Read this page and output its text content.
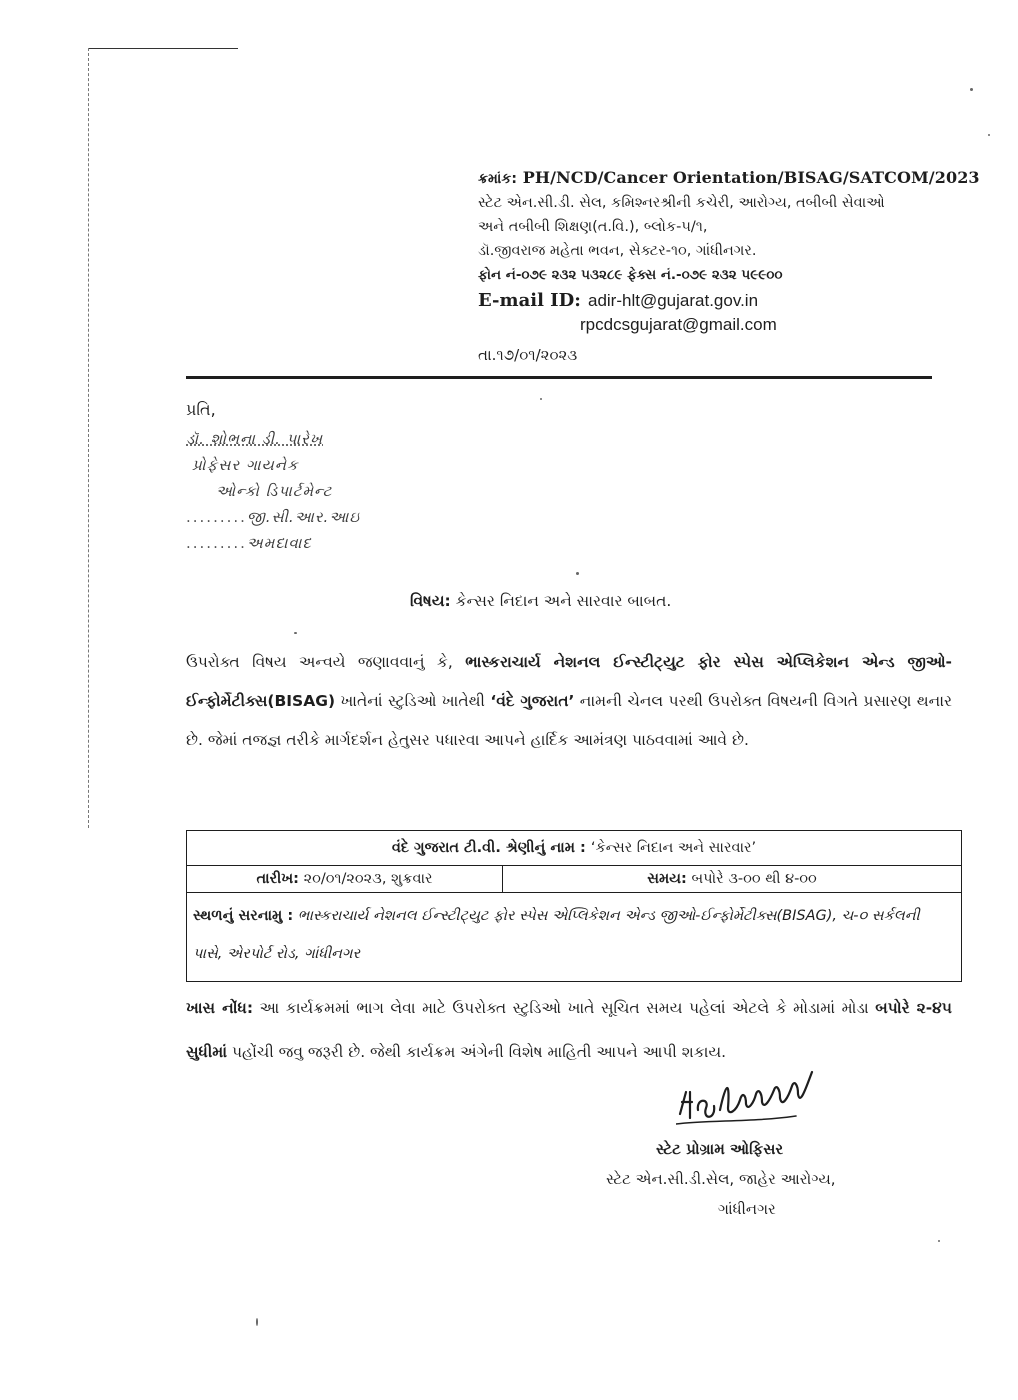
ક્રમાંક: PH/NCD/Cancer Orientation/BISAG/SATCOM/2023
સ્ટેટ એન.સી.ડી. સેલ, કમિશ્નરશ્રીની કચેરી, આરોગ્ય, તબીબી સેવાઓ
અને તબીબી શિક્ષણ(ત.વિ.), બ્લોક-૫/૧,
ડૉ.જીવરાજ મહેતા ભવન, સેક્ટર-૧૦, ગાંધીનગર.
ફોન નં-૦૭૯ ૨૩૨ ૫૩૨૮૯ ફેક્સ નં.-૦૭૯ ૨૩૨ ૫૯૯૦૦
E-mail ID: adir-hlt@gujarat.gov.in
rpcdcsgujarat@gmail.com
તા.૧૭/૦૧/૨૦૨૩
પ્રતિ,
ડૉ. શોભના ડી. પારેખ
પ્રોફેસર ગાયનેક
ઓન્કો ડિપાર્ટમેન્ટ
.........જી.સી.આર.આઇ
.........અમદાવાદ
વિષય: કેન્સર નિદાન અને સારવાર બાબત.
ઉપરોક્ત વિષય અન્વયે જણાવવાનું કે, ભાસ્કરાચાર્ય નેશનલ ઈન્સ્ટીટ્યુટ ફોર સ્પેસ એપ્લિકેશન એન્ડ જીઓ-ઈન્ફોર્મેટીક્સ(BISAG) ખાતેનાં સ્ટુડિઓ ખાતેથી ‘વંદે ગુજરાત’ નામની ચેનલ પરથી ઉપરોક્ત વિષયની વિગતે પ્રસારણ થનાર છે. જેમાં તજજ્ઞ તરીકે માર્ગદર્શન હેતુસર પધારવા આપને હાર્દિક આમંત્રણ પાઠવવામાં આવે છે.
વંદે ગુજરાત ટી.વી. શ્રેણીનું નામ : ‘કેન્સર નિદાન અને સારવાર’
તારીખ: ૨૦/૦૧/૨૦૨૩, શુક્રવાર	સમય: બપોરે ૩-૦૦ થી ૪-૦૦
સ્થળનું સરનામુ : ભાસ્કરાચાર્ય નેશનલ ઈન્સ્ટીટ્યુટ ફોર સ્પેસ એપ્લિકેશન એન્ડ જીઓ-ઈન્ફોર્મેટીક્સ(BISAG), ચ-૦ સર્કલની પાસે, એરપોર્ટ રોડ, ગાંધીનગર
ખાસ નોંધ: આ કાર્યક્રમમાં ભાગ લેવા માટે ઉપરોક્ત સ્ટુડિઓ ખાતે સૂચિત સમય પહેલાં એટલે કે મોડામાં મોડા બપોરે ૨-૪૫ સુધીમાં પહોંચી જવુ જરૂરી છે. જેથી કાર્યક્રમ અંગેની વિશેષ માહિતી આપને આપી શકાય.
સ્ટેટ પ્રોગ્રામ ઓફિસર
સ્ટેટ એન.સી.ડી.સેલ, જાહેર આરોગ્ય,
ગાંધીનગર
